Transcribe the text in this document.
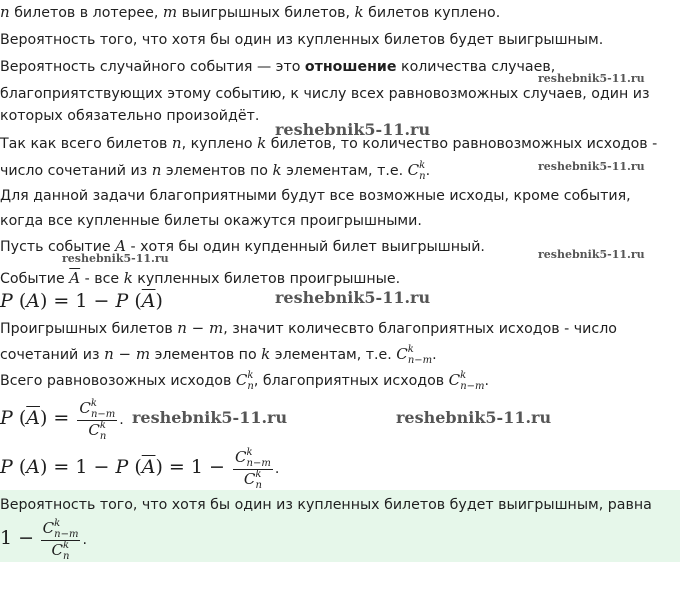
n билетов в лотерее, m выигрышных билетов, k билетов куплено.
Вероятность того, что хотя бы один из купленных билетов будет выигрышным.
Вероятность случайного события — это отношение количества случаев,
благоприятствующих этому событию, к числу всех равновозможных случаев, один из
которых обязательно произойдёт.
Так как всего билетов n, куплено k билетов, то количество равновозможных исходов -
число сочетаний из n элементов по k элементам, т.е. $C^k_n$.
Для данной задачи благоприятными будут все возможные исходы, кроме события,
когда все купленные билеты окажутся проигрышными.
Пусть событие A - хотя бы один купденный билет выигрышный.
Событие $\overline{A}$ - все k купленных билетов проигрышные.
P (A) = 1 − P $(\overline{A})$
Проигрышных билетов n − m, значит количесвто благоприятных исходов - число
сочетаний из n − m элементов по k элементам, т.е. $C^k_{n-m}$.
Всего равновозожных исходов $C^k_n$, благоприятных исходов $C^k_{n-m}$.
P $(\overline{A}) = \frac{C^k_{n-m}}{C^k_n}$ .
P (A) = 1 − P $(\overline{A}) = 1 - \frac{C^k_{n-m}}{C^k_n}$ .
Вероятность того, что хотя бы один из купленных билетов будет выигрышным, равна
$1 - \frac{C^k_{n-m}}{C^k_n}$ .
reshebnik5-11.ru
reshebnik5-11.ru
reshebnik5-11.ru
reshebnik5-11.ru	reshebnik5-11.ru
reshebnik5-11.ru
reshebnik5-11.ru	reshebnik5-11.ru
